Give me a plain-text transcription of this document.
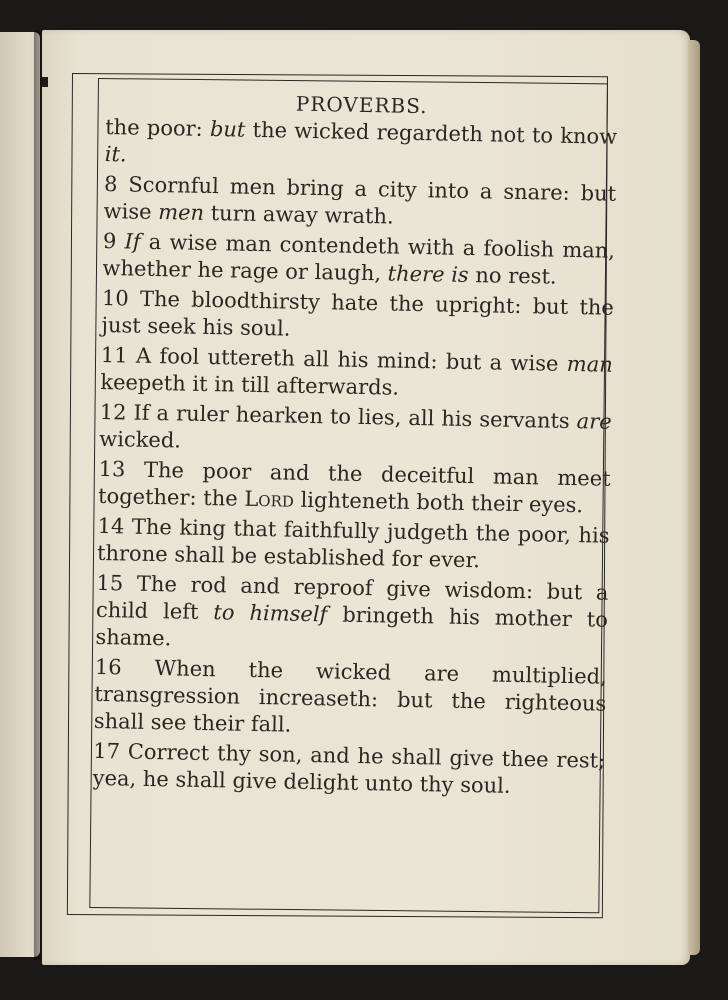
PROVERBS.

the poor: but the wicked regardeth not to know it.

8 Scornful men bring a city into a snare: but wise men turn away wrath.

9 If a wise man contendeth with a foolish man, whether he rage or laugh, there is no rest.

10 The bloodthirsty hate the upright: but the just seek his soul.

11 A fool uttereth all his mind: but a wise man keepeth it in till afterwards.

12 If a ruler hearken to lies, all his servants are wicked.

13 The poor and the deceitful man meet together: the Lord lighteneth both their eyes.

14 The king that faithfully judgeth the poor, his throne shall be established for ever.

15 The rod and reproof give wisdom: but a child left to himself bringeth his mother to shame.

16 When the wicked are multiplied, transgression increaseth: but the righteous shall see their fall.

17 Correct thy son, and he shall give thee rest; yea, he shall give delight unto thy soul.
